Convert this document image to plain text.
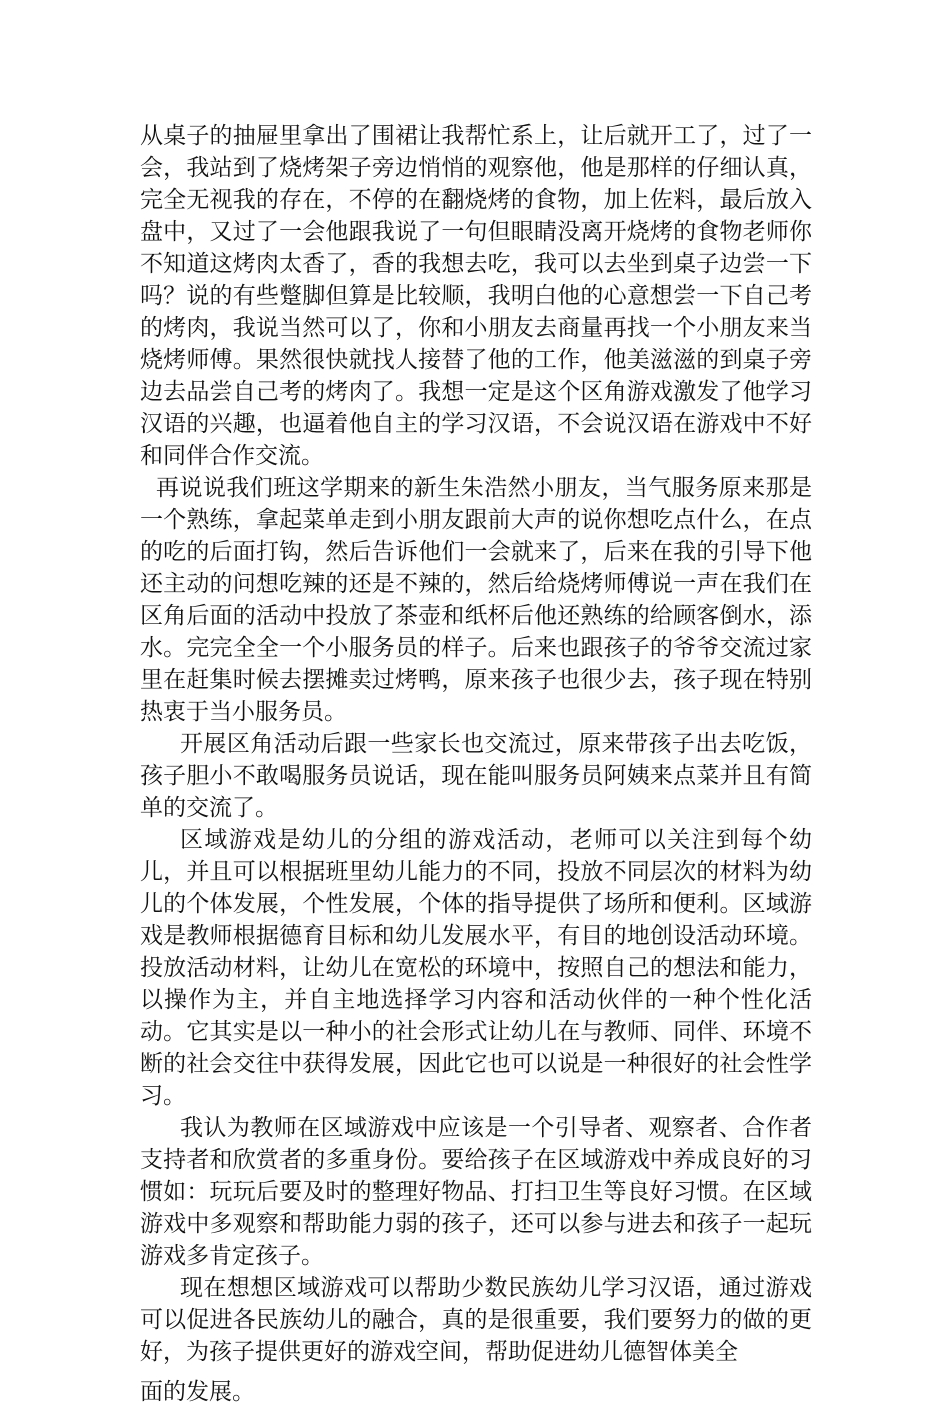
从桌子的抽屉里拿出了围裙让我帮忙系上，让后就开工了，过了一会，我站到了烧烤架子旁边悄悄的观察他，他是那样的仔细认真，完全无视我的存在，不停的在翻烧烤的食物，加上佐料，最后放入盘中，又过了一会他跟我说了一句但眼睛没离开烧烤的食物老师你不知道这烤肉太香了，香的我想去吃，我可以去坐到桌子边尝一下吗？说的有些蹩脚但算是比较顺，我明白他的心意想尝一下自己考的烤肉，我说当然可以了，你和小朋友去商量再找一个小朋友来当烧烤师傅。果然很快就找人接替了他的工作，他美滋滋的到桌子旁边去品尝自己考的烤肉了。我想一定是这个区角游戏激发了他学习汉语的兴趣，也逼着他自主的学习汉语，不会说汉语在游戏中不好和同伴合作交流。

再说说我们班这学期来的新生朱浩然小朋友，当气服务原来那是一个熟练，拿起菜单走到小朋友跟前大声的说你想吃点什么，在点的吃的后面打钩，然后告诉他们一会就来了，后来在我的引导下他还主动的问想吃辣的还是不辣的，然后给烧烤师傅说一声在我们在区角后面的活动中投放了茶壶和纸杯后他还熟练的给顾客倒水，添水。完完全全一个小服务员的样子。后来也跟孩子的爷爷交流过家里在赶集时候去摆摊卖过烤鸭，原来孩子也很少去，孩子现在特别热衷于当小服务员。

开展区角活动后跟一些家长也交流过，原来带孩子出去吃饭，孩子胆小不敢喝服务员说话，现在能叫服务员阿姨来点菜并且有简单的交流了。

区域游戏是幼儿的分组的游戏活动，老师可以关注到每个幼儿，并且可以根据班里幼儿能力的不同，投放不同层次的材料为幼儿的个体发展，个性发展，个体的指导提供了场所和便利。区域游戏是教师根据德育目标和幼儿发展水平，有目的地创设活动环境。投放活动材料，让幼儿在宽松的环境中，按照自己的想法和能力，以操作为主，并自主地选择学习内容和活动伙伴的一种个性化活动。它其实是以一种小的社会形式让幼儿在与教师、同伴、环境不断的社会交往中获得发展，因此它也可以说是一种很好的社会性学习。

我认为教师在区域游戏中应该是一个引导者、观察者、合作者支持者和欣赏者的多重身份。要给孩子在区域游戏中养成良好的习惯如：玩玩后要及时的整理好物品、打扫卫生等良好习惯。在区域游戏中多观察和帮助能力弱的孩子，还可以参与进去和孩子一起玩游戏多肯定孩子。

现在想想区域游戏可以帮助少数民族幼儿学习汉语，通过游戏可以促进各民族幼儿的融合，真的是很重要，我们要努力的做的更好，为孩子提供更好的游戏空间，帮助促进幼儿德智体美全

面的发展。
